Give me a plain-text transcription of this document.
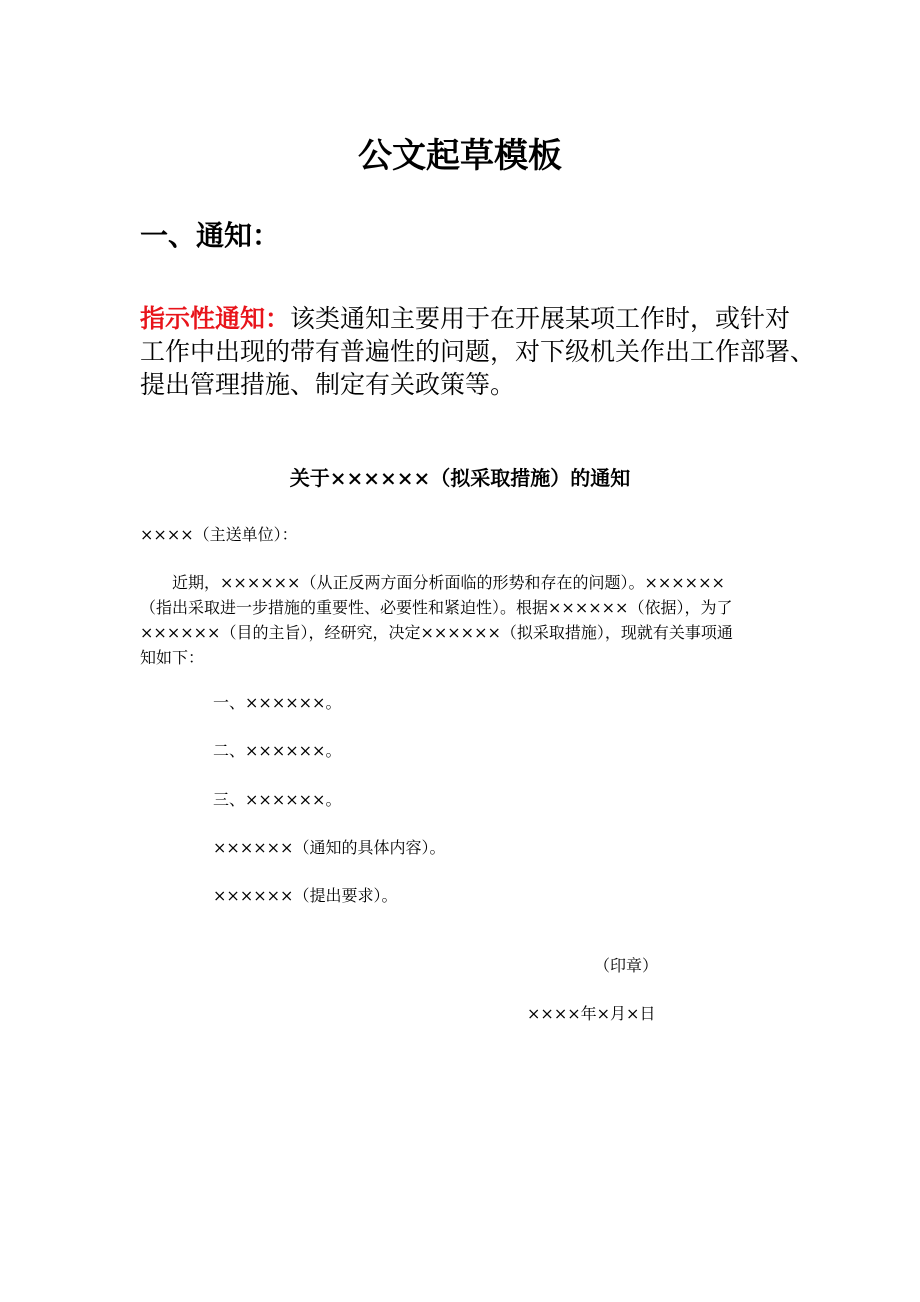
公文起草模板
一、通知：
指示性通知：该类通知主要用于在开展某项工作时，或针对
工作中出现的带有普遍性的问题，对下级机关作出工作部署、
提出管理措施、制定有关政策等。
关于××××××（拟采取措施）的通知
××××（主送单位）：
　　近期，××××××（从正反两方面分析面临的形势和存在的问题）。××××××
（指出采取进一步措施的重要性、必要性和紧迫性）。根据××××××（依据），为了
××××××（目的主旨），经研究，决定××××××（拟采取措施），现就有关事项通
知如下：
一、××××××。
二、××××××。
三、××××××。
××××××（通知的具体内容）。
××××××（提出要求）。
（印章）
××××年×月×日
